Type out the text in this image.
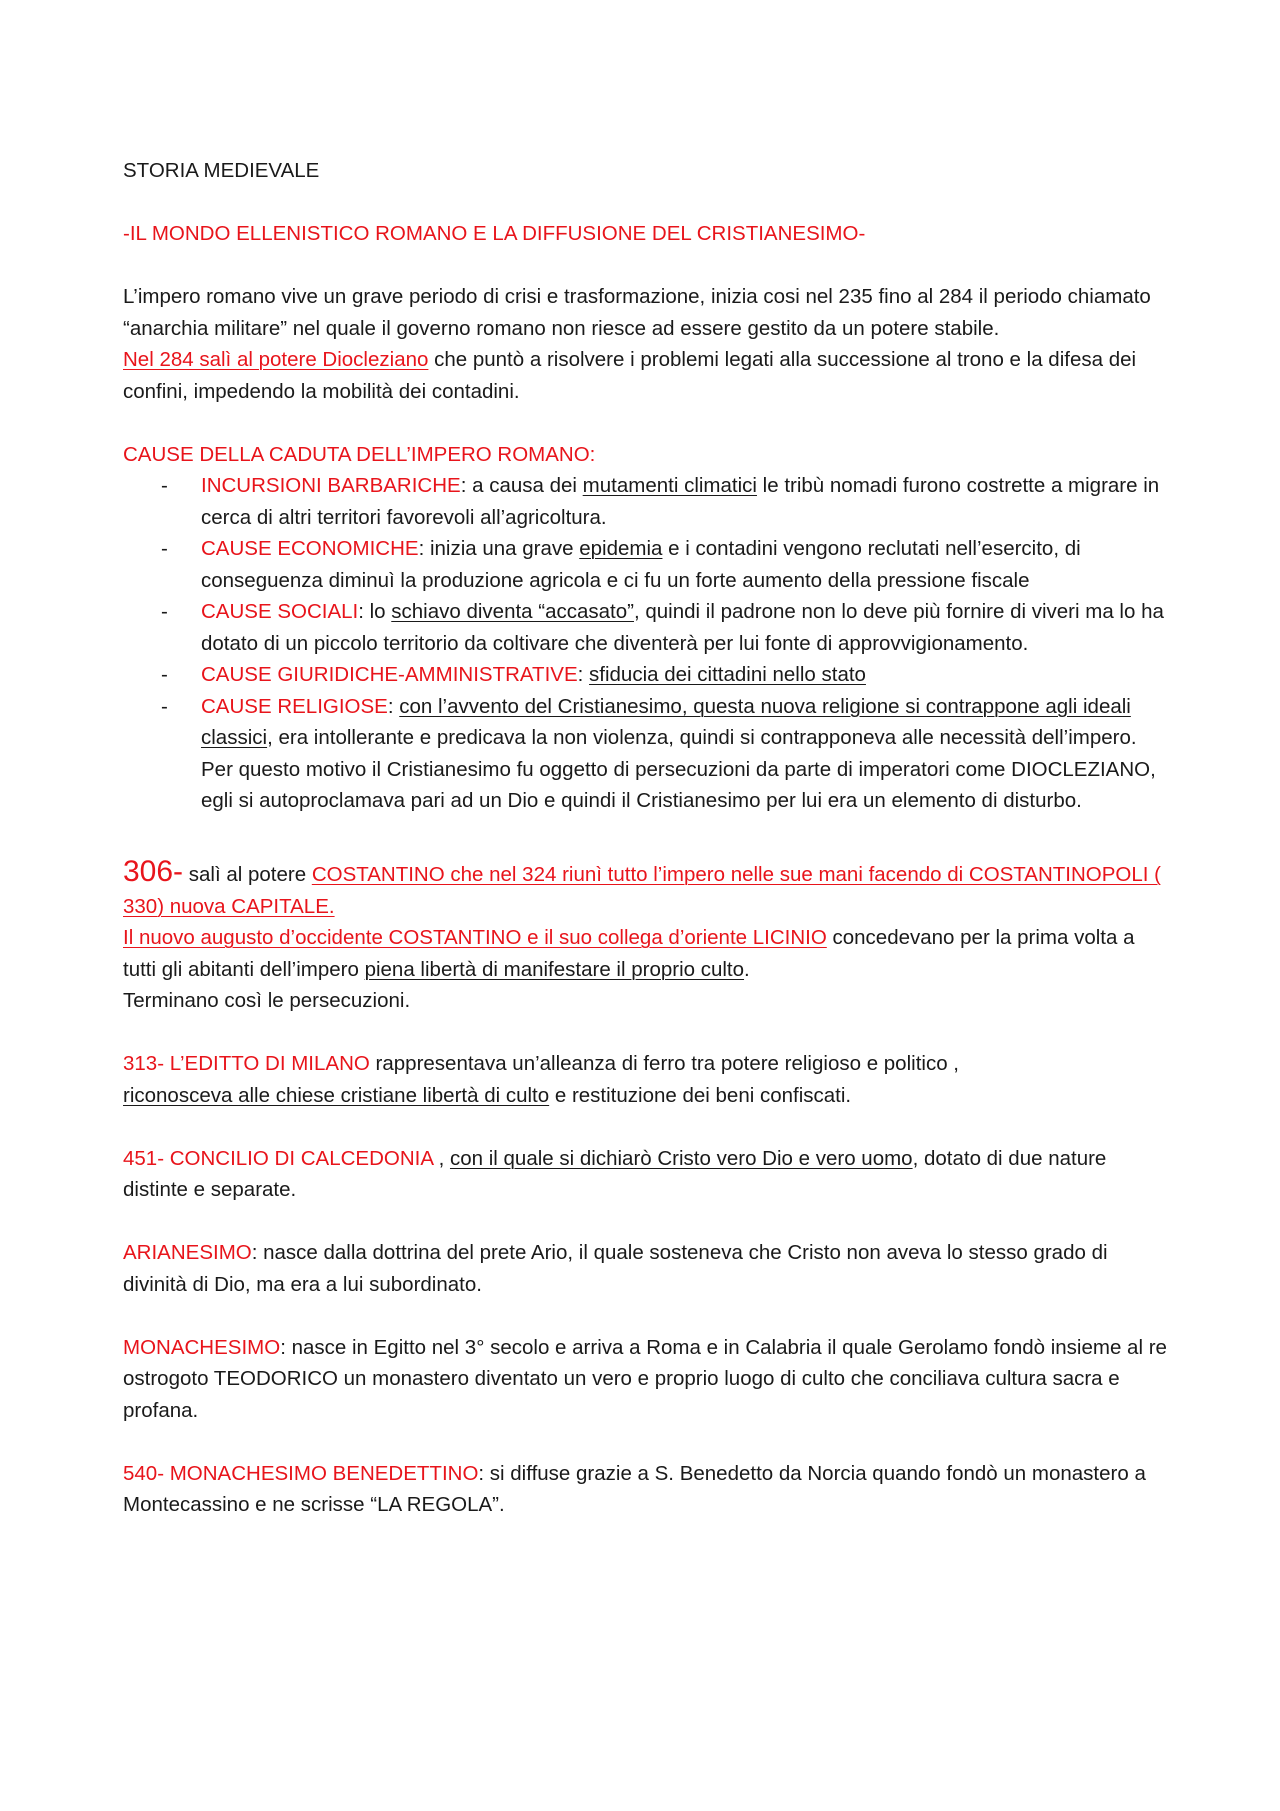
STORIA MEDIEVALE

-IL MONDO ELLENISTICO ROMANO E LA DIFFUSIONE DEL CRISTIANESIMO-

L’impero romano vive un grave periodo di crisi e trasformazione, inizia cosi nel 235 fino al 284 il periodo chiamato “anarchia militare” nel quale il governo romano non riesce ad essere gestito da un potere stabile.

Nel 284 salì al potere Diocleziano che puntò a risolvere i problemi legati alla successione al trono e la difesa dei confini, impedendo la mobilità dei contadini.

CAUSE DELLA CADUTA DELL’IMPERO ROMANO:

- INCURSIONI BARBARICHE: a causa dei mutamenti climatici le tribù nomadi furono costrette a migrare in cerca di altri territori favorevoli all’agricoltura.
- CAUSE ECONOMICHE: inizia una grave epidemia e i contadini vengono reclutati nell’esercito, di conseguenza diminuì la produzione agricola e ci fu un forte aumento della pressione fiscale
- CAUSE SOCIALI: lo schiavo diventa “accasato”, quindi il padrone non lo deve più fornire di viveri ma lo ha dotato di un piccolo territorio da coltivare che diventerà per lui fonte di approvvigionamento.
- CAUSE GIURIDICHE-AMMINISTRATIVE: sfiducia dei cittadini nello stato
- CAUSE RELIGIOSE: con l’avvento del Cristianesimo, questa nuova religione si contrappone agli ideali classici, era intollerante e predicava la non violenza, quindi si contrapponeva alle necessità dell’impero. Per questo motivo il Cristianesimo fu oggetto di persecuzioni da parte di imperatori come DIOCLEZIANO, egli si autoproclamava pari ad un Dio e quindi il Cristianesimo per lui era un elemento di disturbo.

306- salì al potere COSTANTINO che nel 324 riunì tutto l’impero nelle sue mani facendo di COSTANTINOPOLI ( 330) nuova CAPITALE.

Il nuovo augusto d’occidente COSTANTINO e il suo collega d’oriente LICINIO concedevano per la prima volta a tutti gli abitanti dell’impero piena libertà di manifestare il proprio culto.

Terminano così le persecuzioni.

313- L’EDITTO DI MILANO rappresentava un’alleanza di ferro tra potere religioso e politico ,

riconosceva alle chiese cristiane libertà di culto e restituzione dei beni confiscati.

451- CONCILIO DI CALCEDONIA , con il quale si dichiarò Cristo vero Dio e vero uomo, dotato di due nature distinte e separate.

ARIANESIMO: nasce dalla dottrina del prete Ario, il quale sosteneva che Cristo non aveva lo stesso grado di divinità di Dio, ma era a lui subordinato.

MONACHESIMO: nasce in Egitto nel 3° secolo e arriva a Roma e in Calabria il quale Gerolamo fondò insieme al re ostrogoto TEODORICO un monastero diventato un vero e proprio luogo di culto che conciliava cultura sacra e profana.

540- MONACHESIMO BENEDETTINO: si diffuse grazie a S. Benedetto da Norcia quando fondò un monastero a Montecassino e ne scrisse “LA REGOLA”.
